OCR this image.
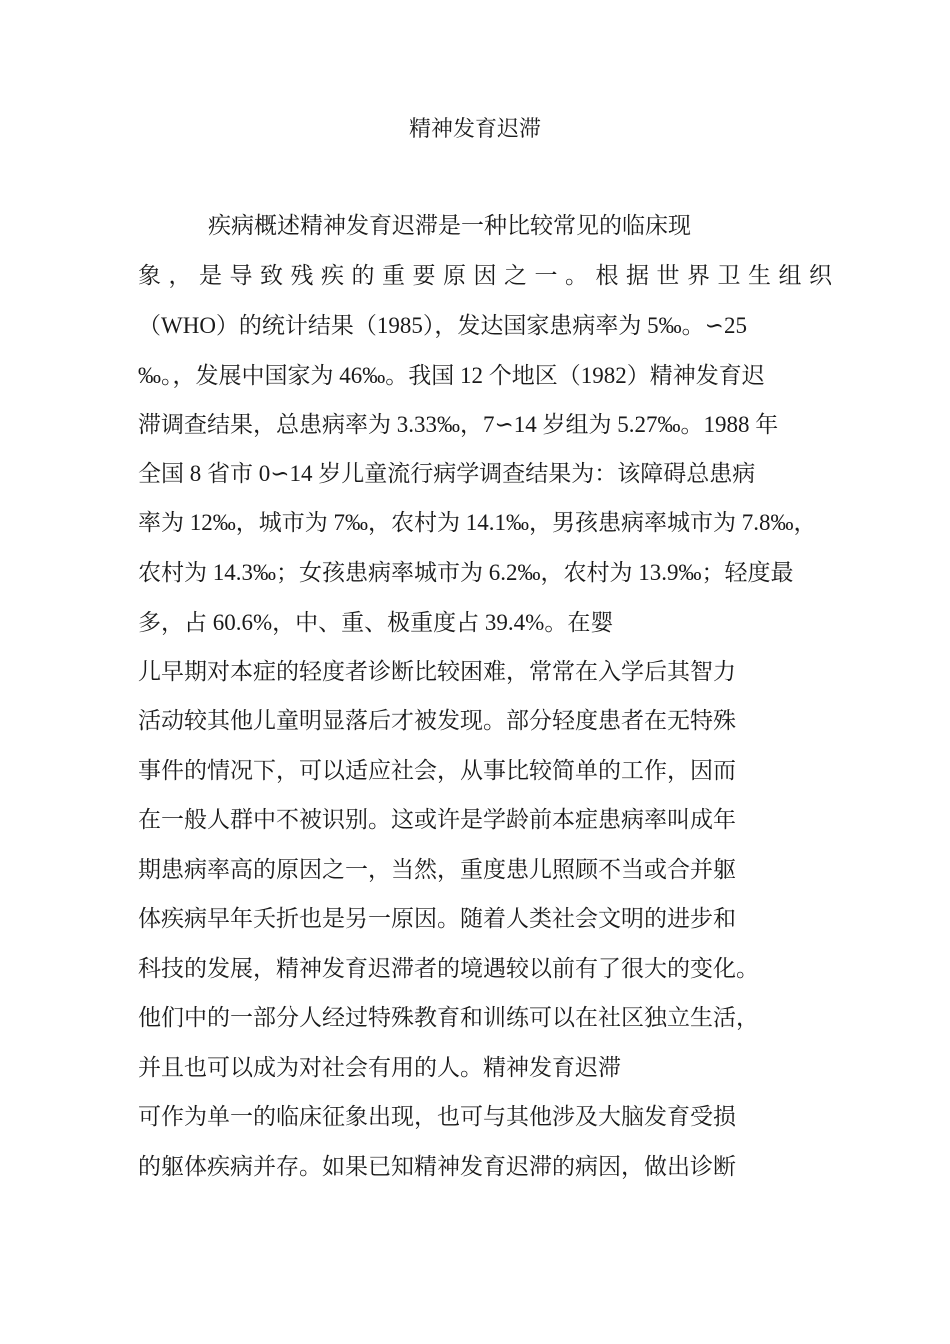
精神发育迟滞
疾病概述精神发育迟滞是一种比较常见的临床现
象，是导致残疾的重要原因之一。根据世界卫生组织
（WHO）的统计结果（1985），发达国家患病率为 5‰。∽25
‰。，发展中国家为 46‰。我国 12 个地区（1982）精神发育迟
滞调查结果，总患病率为 3.33‰，7∽14 岁组为 5.27‰。1988 年
全国 8 省市 0∽14 岁儿童流行病学调查结果为：该障碍总患病
率为 12‰，城市为 7‰，农村为 14.1‰，男孩患病率城市为 7.8‰，
农村为 14.3‰；女孩患病率城市为 6.2‰，农村为 13.9‰；轻度最
多，占 60.6%，中、重、极重度占 39.4%。在婴
儿早期对本症的轻度者诊断比较困难，常常在入学后其智力
活动较其他儿童明显落后才被发现。部分轻度患者在无特殊
事件的情况下，可以适应社会，从事比较简单的工作，因而
在一般人群中不被识别。这或许是学龄前本症患病率叫成年
期患病率高的原因之一，当然，重度患儿照顾不当或合并躯
体疾病早年夭折也是另一原因。随着人类社会文明的进步和
科技的发展，精神发育迟滞者的境遇较以前有了很大的变化。
他们中的一部分人经过特殊教育和训练可以在社区独立生活，
并且也可以成为对社会有用的人。精神发育迟滞
可作为单一的临床征象出现，也可与其他涉及大脑发育受损
的躯体疾病并存。如果已知精神发育迟滞的病因，做出诊断
